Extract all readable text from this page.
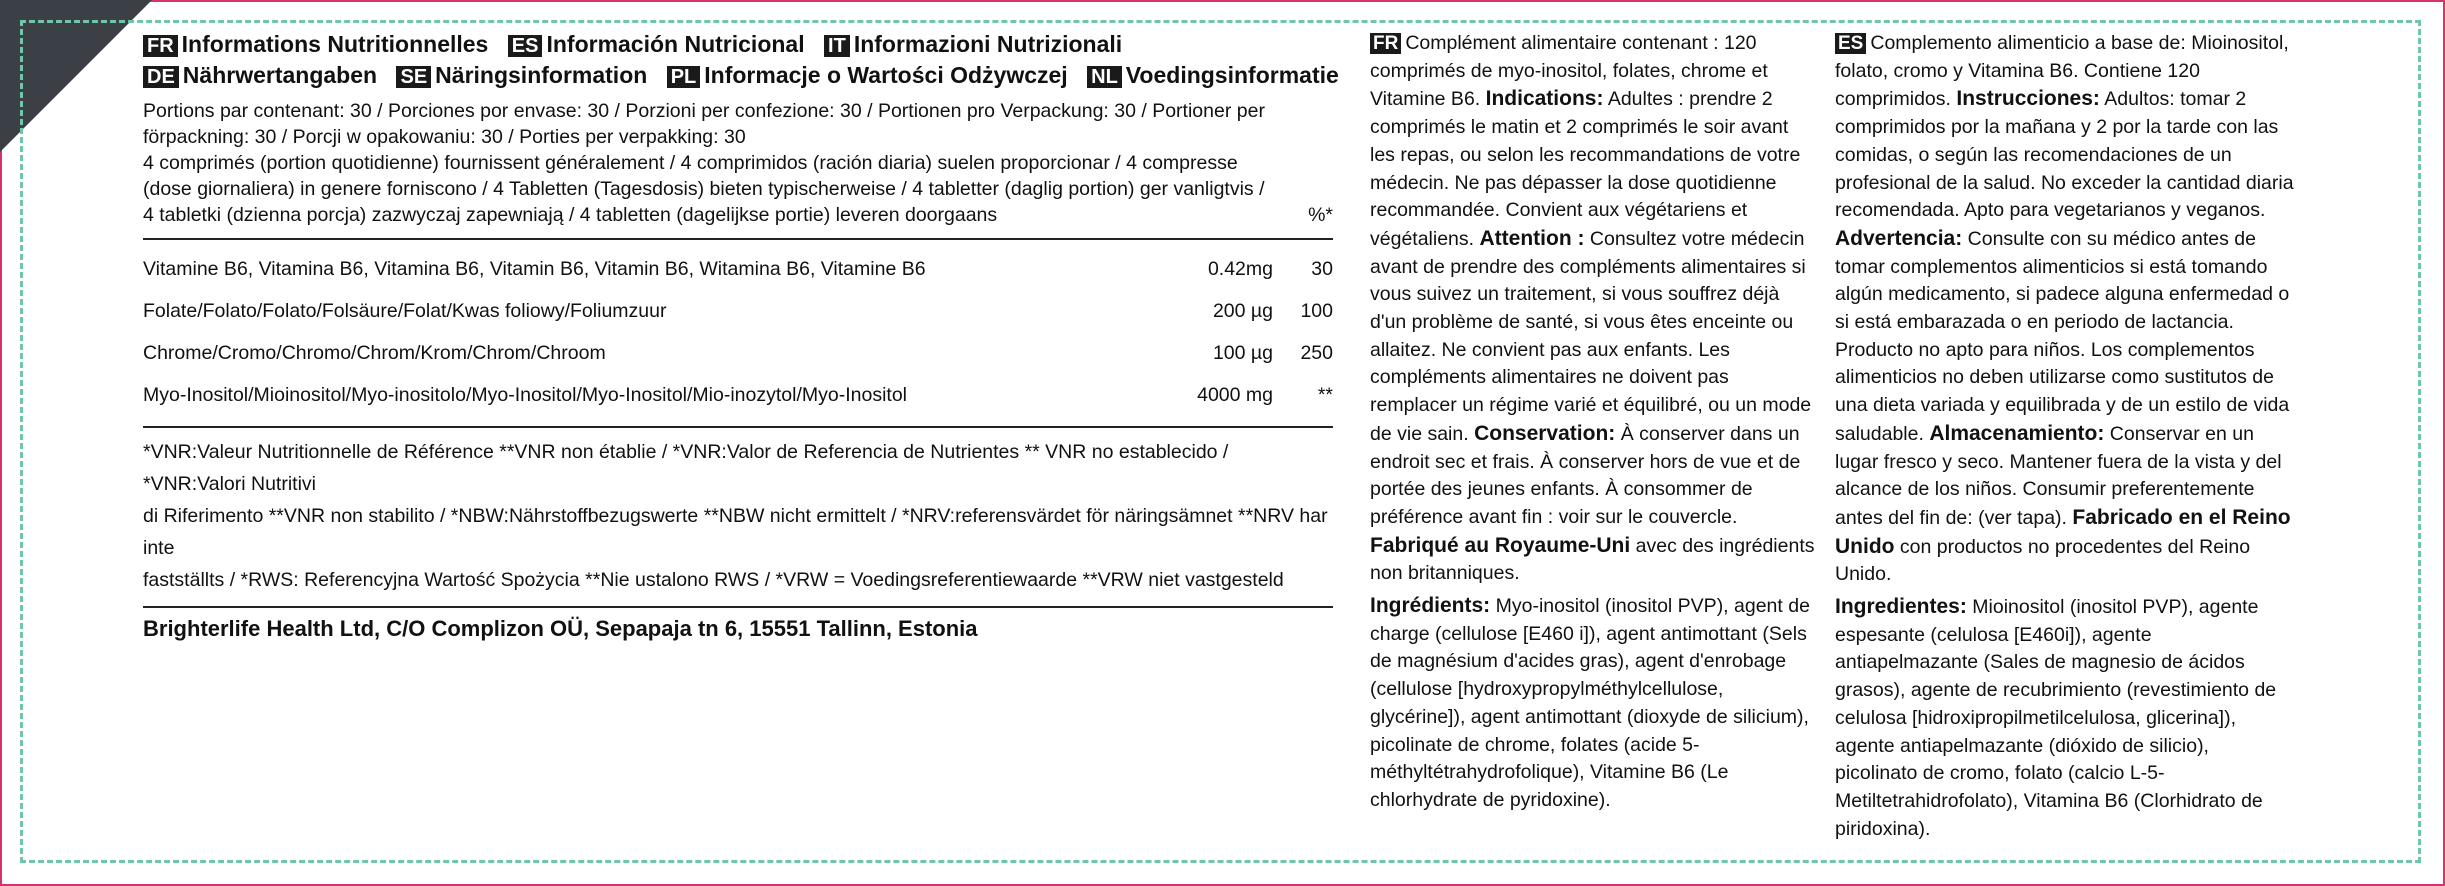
FR Informations Nutritionnelles ES Información Nutricional IT Informazioni Nutrizionali
DE Nährwertangaben SE Näringsinformation PL Informacje o Wartości Odżywczej NL Voedingsinformatie
Portions par contenant: 30 / Porciones por envase: 30 / Porzioni per confezione: 30 / Portionen pro Verpackung: 30 / Portioner per
förpackning: 30 / Porcji w opakowaniu: 30 / Porties per verpakking: 30
4 comprimés (portion quotidienne) fournissent généralement / 4 comprimidos (ración diaria) suelen proporcionar / 4 compresse
(dose giornaliera) in genere forniscono / 4 Tabletten (Tagesdosis) bieten typischerweise / 4 tabletter (daglig portion) ger vanligtvis /
4 tabletki (dzienna porcja) zazwyczaj zapewniają / 4 tabletten (dagelijkse portie) leveren doorgaans	%*
Vitamine B6, Vitamina B6, Vitamina B6, Vitamin B6, Vitamin B6, Witamina B6, Vitamine B6	0.42mg	30
Folate/Folato/Folato/Folsäure/Folat/Kwas foliowy/Foliumzuur	200 µg	100
Chrome/Cromo/Chromo/Chrom/Krom/Chrom/Chroom	100 µg	250
Myo-Inositol/Mioinositol/Myo-inositolo/Myo-Inositol/Myo-Inositol/Mio-inozytol/Myo-Inositol	4000 mg	**
*VNR:Valeur Nutritionnelle de Référence **VNR non établie / *VNR:Valor de Referencia de Nutrientes ** VNR no establecido / *VNR:Valori Nutritivi
di Riferimento **VNR non stabilito / *NBW:Nährstoffbezugswerte **NBW nicht ermittelt / *NRV:referensvärdet för näringsämnet **NRV har inte
fastställts / *RWS: Referencyjna Wartość Spożycia **Nie ustalono RWS / *VRW = Voedingsreferentiewaarde **VRW niet vastgesteld
Brighterlife Health Ltd, C/O Complizon OÜ, Sepapaja tn 6, 15551 Tallinn, Estonia
FR Complément alimentaire contenant : 120 comprimés de myo-inositol, folates, chrome et Vitamine B6. Indications: Adultes : prendre 2 comprimés le matin et 2 comprimés le soir avant les repas, ou selon les recommandations de votre médecin. Ne pas dépasser la dose quotidienne recommandée. Convient aux végétariens et végétaliens. Attention : Consultez votre médecin avant de prendre des compléments alimentaires si vous suivez un traitement, si vous souffrez déjà d'un problème de santé, si vous êtes enceinte ou allaitez. Ne convient pas aux enfants. Les compléments alimentaires ne doivent pas remplacer un régime varié et équilibré, ou un mode de vie sain. Conservation: À conserver dans un endroit sec et frais. À conserver hors de vue et de portée des jeunes enfants. À consommer de préférence avant fin : voir sur le couvercle. Fabriqué au Royaume-Uni avec des ingrédients non britanniques.
Ingrédients: Myo-inositol (inositol PVP), agent de charge (cellulose [E460 i]), agent antimottant (Sels de magnésium d'acides gras), agent d'enrobage (cellulose [hydroxypropylméthylcellulose, glycérine]), agent antimottant (dioxyde de silicium), picolinate de chrome, folates (acide 5-méthyltétrahydrofolique), Vitamine B6 (Le chlorhydrate de pyridoxine).
ES Complemento alimenticio a base de: Mioinositol, folato, cromo y Vitamina B6. Contiene 120 comprimidos. Instrucciones: Adultos: tomar 2 comprimidos por la mañana y 2 por la tarde con las comidas, o según las recomendaciones de un profesional de la salud. No exceder la cantidad diaria recomendada. Apto para vegetarianos y veganos. Advertencia: Consulte con su médico antes de tomar complementos alimenticios si está tomando algún medicamento, si padece alguna enfermedad o si está embarazada o en periodo de lactancia. Producto no apto para niños. Los complementos alimenticios no deben utilizarse como sustitutos de una dieta variada y equilibrada y de un estilo de vida saludable. Almacenamiento: Conservar en un lugar fresco y seco. Mantener fuera de la vista y del alcance de los niños. Consumir preferentemente antes del fin de: (ver tapa). Fabricado en el Reino Unido con productos no procedentes del Reino Unido.
Ingredientes: Mioinositol (inositol PVP), agente espesante (celulosa [E460i]), agente antiapelmazante (Sales de magnesio de ácidos grasos), agente de recubrimiento (revestimiento de celulosa [hidroxipropilmetilcelulosa, glicerina]), agente antiapelmazante (dióxido de silicio), picolinato de cromo, folato (calcio L-5-Metiltetrahidrofolato), Vitamina B6 (Clorhidrato de piridoxina).
